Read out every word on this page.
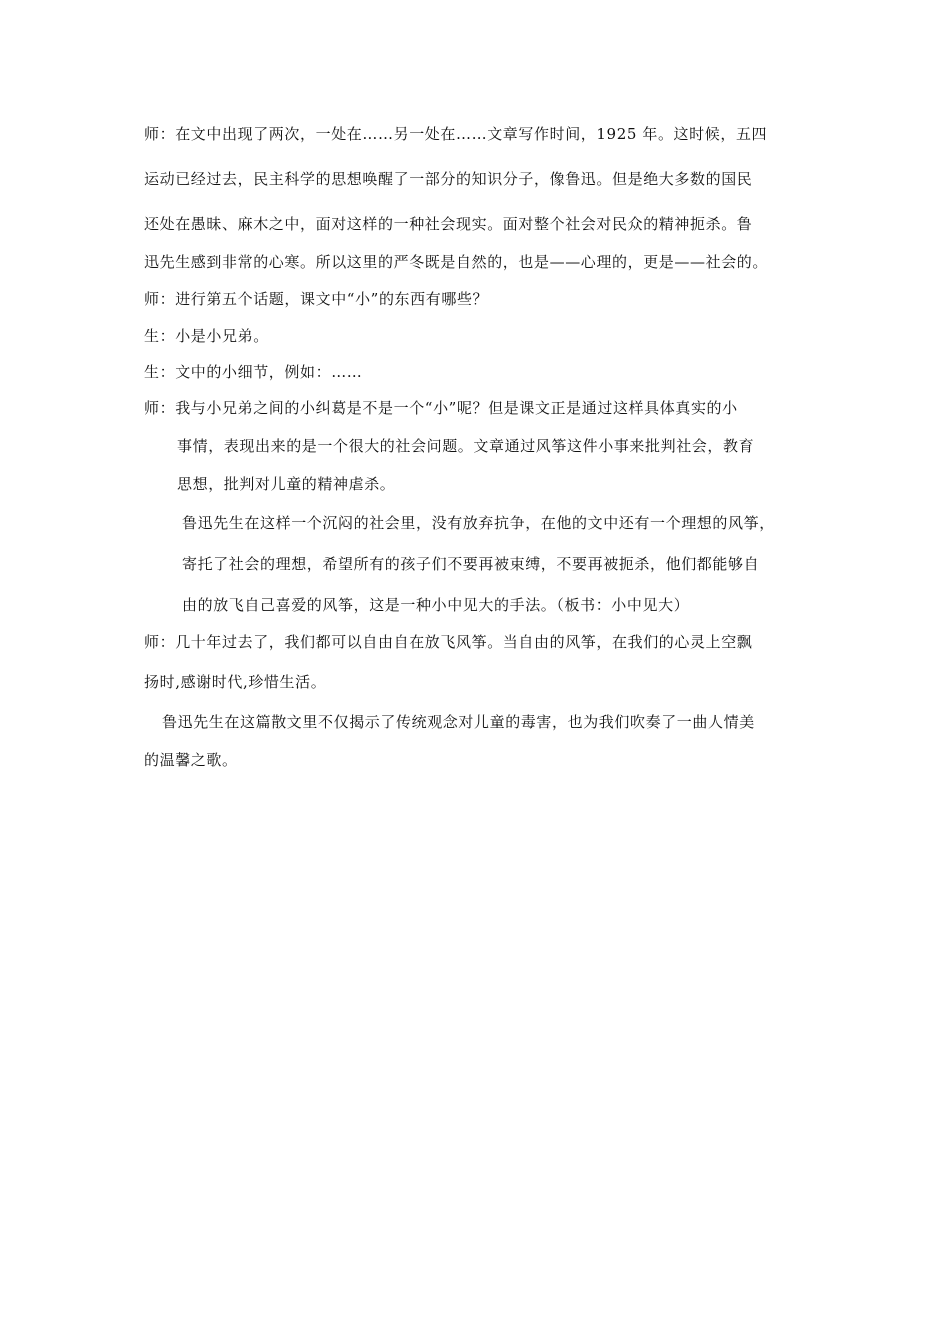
师：在文中出现了两次，一处在……另一处在……文章写作时间，1925 年。这时候，五四
运动已经过去，民主科学的思想唤醒了一部分的知识分子，像鲁迅。但是绝大多数的国民
还处在愚昧、麻木之中，面对这样的一种社会现实。面对整个社会对民众的精神扼杀。鲁
迅先生感到非常的心寒。所以这里的严冬既是自然的，也是——心理的，更是——社会的。
师：进行第五个话题，课文中“小”的东西有哪些？
生：小是小兄弟。
生：文中的小细节，例如：……
师：我与小兄弟之间的小纠葛是不是一个“小”呢？但是课文正是通过这样具体真实的小
事情，表现出来的是一个很大的社会问题。文章通过风筝这件小事来批判社会，教育
思想，批判对儿童的精神虐杀。
鲁迅先生在这样一个沉闷的社会里，没有放弃抗争，在他的文中还有一个理想的风筝，
寄托了社会的理想，希望所有的孩子们不要再被束缚，不要再被扼杀，他们都能够自
由的放飞自己喜爱的风筝，这是一种小中见大的手法。（板书：小中见大）
师：几十年过去了，我们都可以自由自在放飞风筝。当自由的风筝，在我们的心灵上空飘
扬时,感谢时代,珍惜生活。
鲁迅先生在这篇散文里不仅揭示了传统观念对儿童的毒害，也为我们吹奏了一曲人情美
的温馨之歌。
